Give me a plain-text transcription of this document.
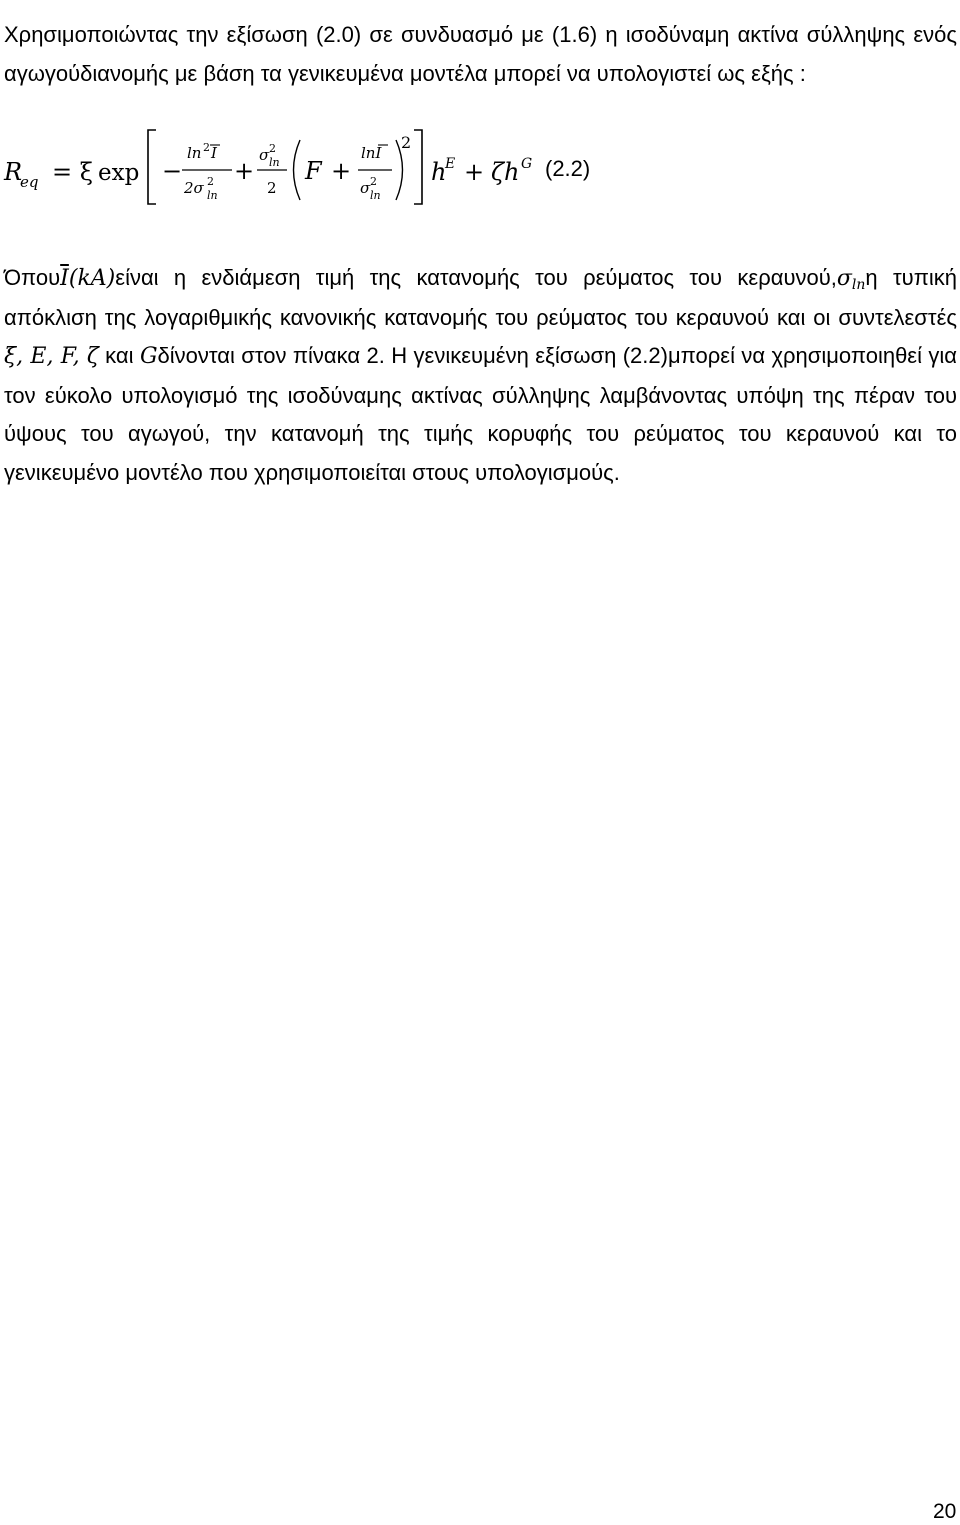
Χρησιμοποιώντας την εξίσωση (2.0) σε συνδυασμό με (1.6) η ισοδύναμη ακτίνα σύλληψης ενός αγωγούδιανομής με βάση τα γενικευμένα μοντέλα μπορεί να υπολογιστεί ως εξής :

R
eq = ξ exp −
ln 2 I
2σ 2
ln
+
σ 2
ln
2
F +
lnI
σ 2
ln
2
h
E + ζh G (2.2)

$Ό\pi o\upsilon\overline{I}(kA)\varepsilon ί\nu\alpha\iota$ η ενδιάμεση τιμή της κατανομής του ρεύματος του $\kappa\varepsilon\rho\alpha\upsilon\nu oύ,\sigma_{ln}\eta$ τυπική απόκλιση της λογαριθμικής κανονικής κατανομής του ρεύματος του κεραυνού και οι συντελεστές ξ, E, F, ζ και Gδίνονται στον πίνακα 2. Η γενικευμένη εξίσωση (2.2)μπορεί να χρησιμοποιηθεί για τον εύκολο υπολογισμό της ισοδύναμης ακτίνας σύλληψης λαμβάνοντας υπόψη της πέραν του ύψους του αγωγού, την κατανομή της τιμής κορυφής του ρεύματος του κεραυνού και το γενικευμένο μοντέλο που χρησιμοποιείται στους υπολογισμούς.

20
